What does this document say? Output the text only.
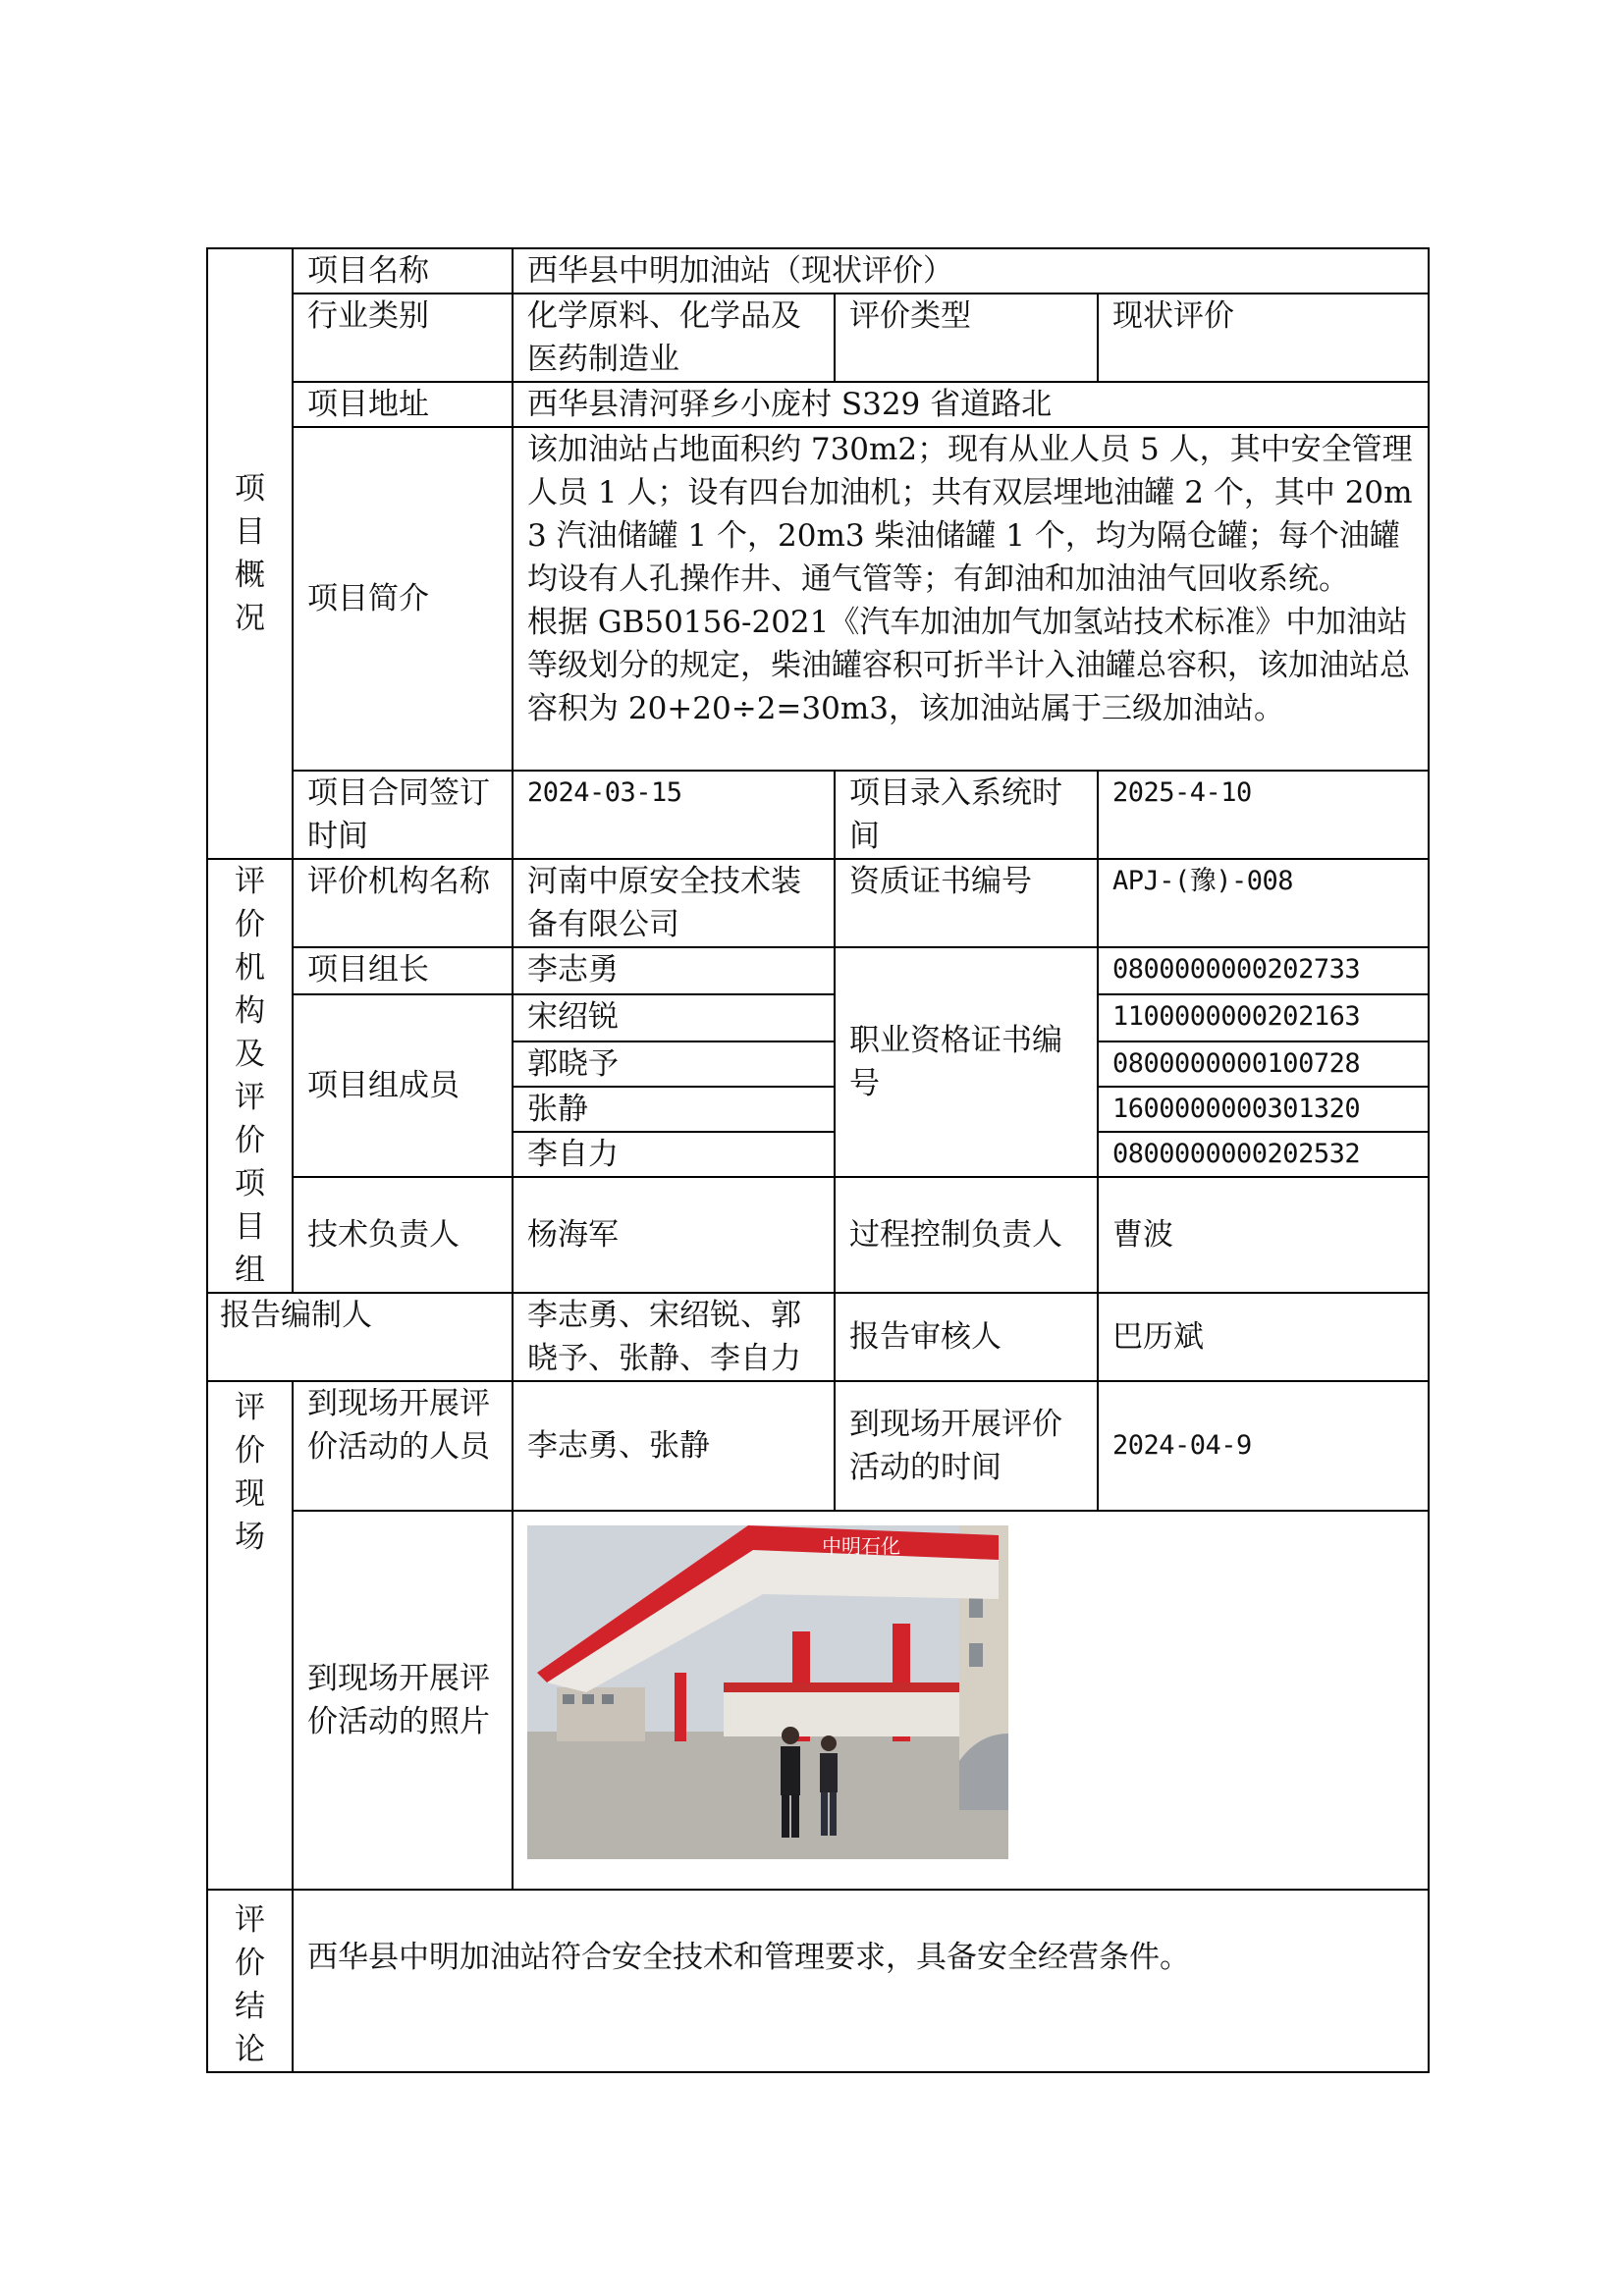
项目概况	项目名称	西华县中明加油站（现状评价）		
	行业类别	化学原料、化学品及医药制造业	评价类型	现状评价
	项目地址	西华县清河驿乡小庞村 S329 省道路北		
	项目简介	该加油站占地面积约 730m2；现有从业人员 5 人，其中安全管理人员 1 人；设有四台加油机；共有双层埋地油罐 2 个，其中 20m3 汽油储罐 1 个，20m3 柴油储罐 1 个，均为隔仓罐；每个油罐均设有人孔操作井、通气管等；有卸油和加油油气回收系统。
根据 GB50156-2021《汽车加油加气加氢站技术标准》中加油站等级划分的规定，柴油罐容积可折半计入油罐总容积，该加油站总容积为 20+20÷2=30m3，该加油站属于三级加油站。		

	项目合同签订时间	2024-03-15	项目录入系统时间	2025-4-10

评价机构及评价项目组	评价机构名称	河南中原安全技术装备有限公司	资质证书编号	APJ-(豫)-008
	项目组长	李志勇	职业资格证书编号	0800000000202733
	项目组成员	宋绍锐		1100000000202163
		郭晓予		0800000000100728
		张静		1600000000301320
		李自力		0800000000202532

	技术负责人	杨海军	过程控制负责人	曹波
报告编制人		李志勇、宋绍锐、郭晓予、张静、李自力	报告审核人	巴历斌

评价现场	到现场开展评价活动的人员	李志勇、张静	到现场开展评价活动的时间	2024-04-9
	到现场开展评价活动的照片	中明石化		

评价结论	西华县中明加油站符合安全技术和管理要求，具备安全经营条件。			
